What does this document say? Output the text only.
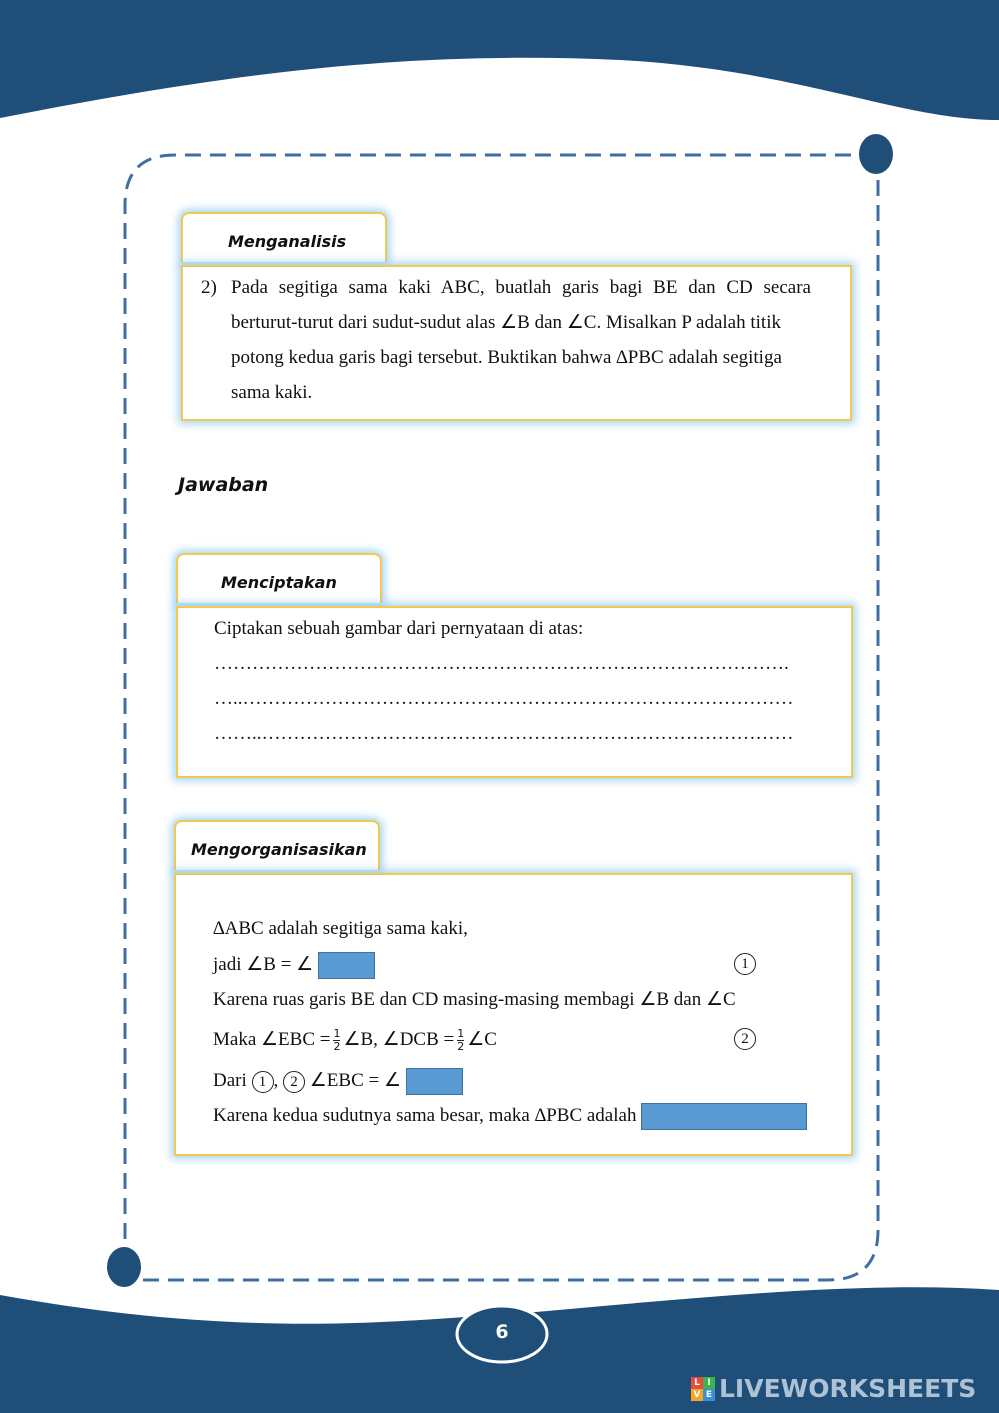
6
Menganalisis
2) Pada segitiga sama kaki ABC, buatlah garis bagi BE dan CD secara
berturut-turut dari sudut-sudut alas ∠B dan ∠C. Misalkan P adalah titik
potong kedua garis bagi tersebut. Buktikan bahwa ∆PBC adalah segitiga
sama kaki.
Jawaban
Menciptakan
Ciptakan sebuah gambar dari pernyataan di atas:
……………………………………………………………………………….
…..……………………………………………………………………………
……..…………………………………………………………………………
Mengorganisasikan
∆ABC adalah segitiga sama kaki,
jadi ∠B = ∠	1
Karena ruas garis BE dan CD masing-masing membagi ∠B dan ∠C
Maka ∠EBC = $\frac{1}{2}$ ∠B, ∠DCB = $\frac{1}{2}$ ∠C	2
Dari 1 , 2 ∠EBC = ∠
Karena kedua sudutnya sama besar, maka ∆PBC adalah
L I
V E LIVEWORKSHEETS
